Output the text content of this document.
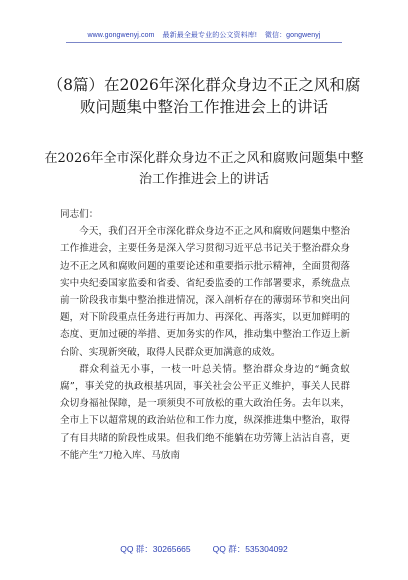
www.gongwenyj.com 最新最全最专业的公文资料库! 微信：gongwenyj
（8篇）在2026年深化群众身边不正之风和腐
败问题集中整治工作推进会上的讲话
在2026年全市深化群众身边不正之风和腐败问题集中整
治工作推进会上的讲话

同志们：

今天，我们召开全市深化群众身边不正之风和腐败问题集中整治工作推进会，主要任务是深入学习贯彻习近平总书记关于整治群众身边不正之风和腐败问题的重要论述和重要指示批示精神，全面贯彻落实中央纪委国家监委和省委、省纪委监委的工作部署要求，系统盘点前一阶段我市集中整治推进情况，深入剖析存在的薄弱环节和突出问题，对下阶段重点任务进行再加力、再深化、再落实，以更加鲜明的态度、更加过硬的举措、更加务实的作风，推动集中整治工作迈上新台阶、实现新突破，取得人民群众更加满意的成效。

群众利益无小事，一枝一叶总关情。整治群众身边的“蝇贪蚁腐”，事关党的执政根基巩固，事关社会公平正义维护，事关人民群众切身福祉保障，是一项须臾不可放松的重大政治任务。去年以来，全市上下以超常规的政治站位和工作力度，纵深推进集中整治，取得了有目共睹的阶段性成果。但我们绝不能躺在功劳簿上沾沾自喜，更不能产生“刀枪入库、马放南

QQ 群：30265665	QQ 群：535304092
